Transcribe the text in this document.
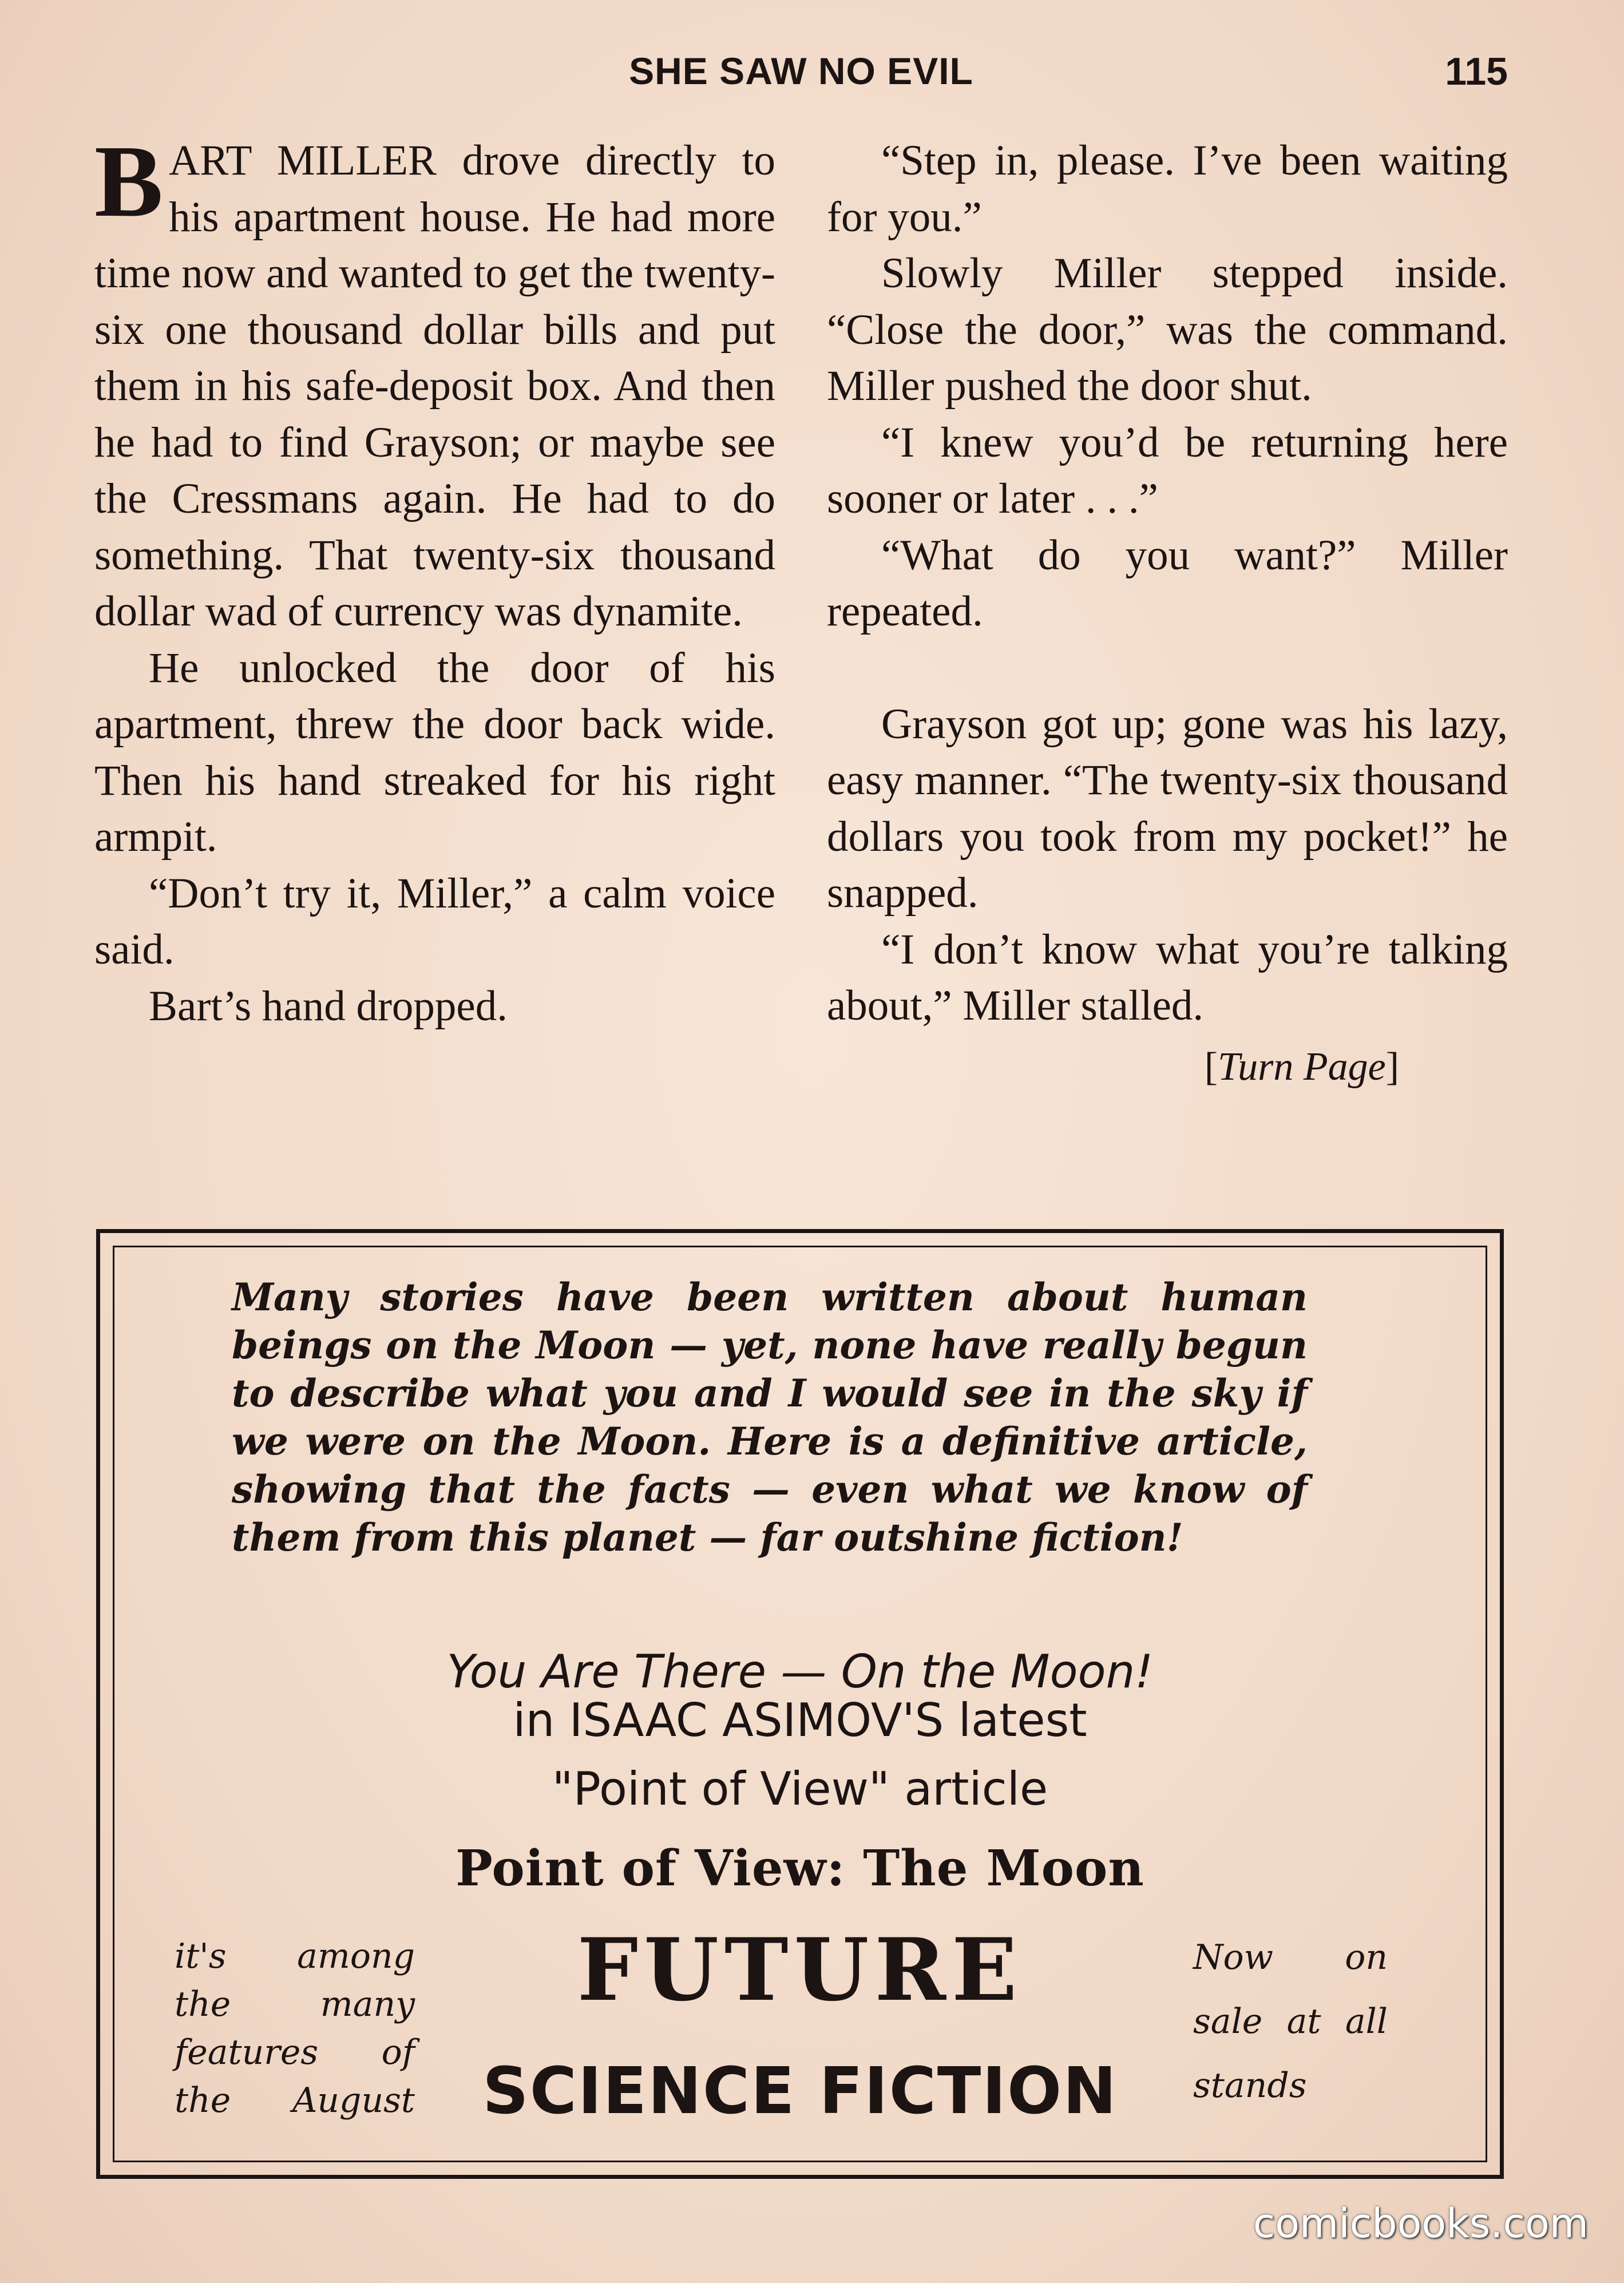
SHE SAW NO EVIL	115

BART MILLER drove directly to his apartment house. He had more time now and wanted to get the twenty-six one thousand dollar bills and put them in his safe-deposit box. And then he had to find Grayson; or maybe see the Cressmans again. He had to do something. That twenty-six thousand dollar wad of currency was dynamite.

He unlocked the door of his apartment, threw the door back wide. Then his hand streaked for his right armpit.

“Don’t try it, Miller,” a calm voice said.

Bart’s hand dropped.

“Step in, please. I’ve been waiting for you.”

Slowly Miller stepped inside. “Close the door,” was the command. Miller pushed the door shut.

“I knew you’d be returning here sooner or later . . .”

“What do you want?” Miller repeated.

Grayson got up; gone was his lazy, easy manner. “The twenty-six thousand dollars you took from my pocket!” he snapped.

“I don’t know what you’re talking about,” Miller stalled.

[Turn Page]
Many stories have been written about human beings on the Moon — yet, none have really begun to describe what you and I would see in the sky if we were on the Moon. Here is a definitive article, showing that the facts — even what we know of them from this planet — far outshine fiction!
You Are There — On the Moon!
in ISAAC ASIMOV'S latest
"Point of View" article
Point of View: The Moon
it's among the many features of the August
FUTURE	Now on sale at all stands
SCIENCE FICTION
comicbooks.com
